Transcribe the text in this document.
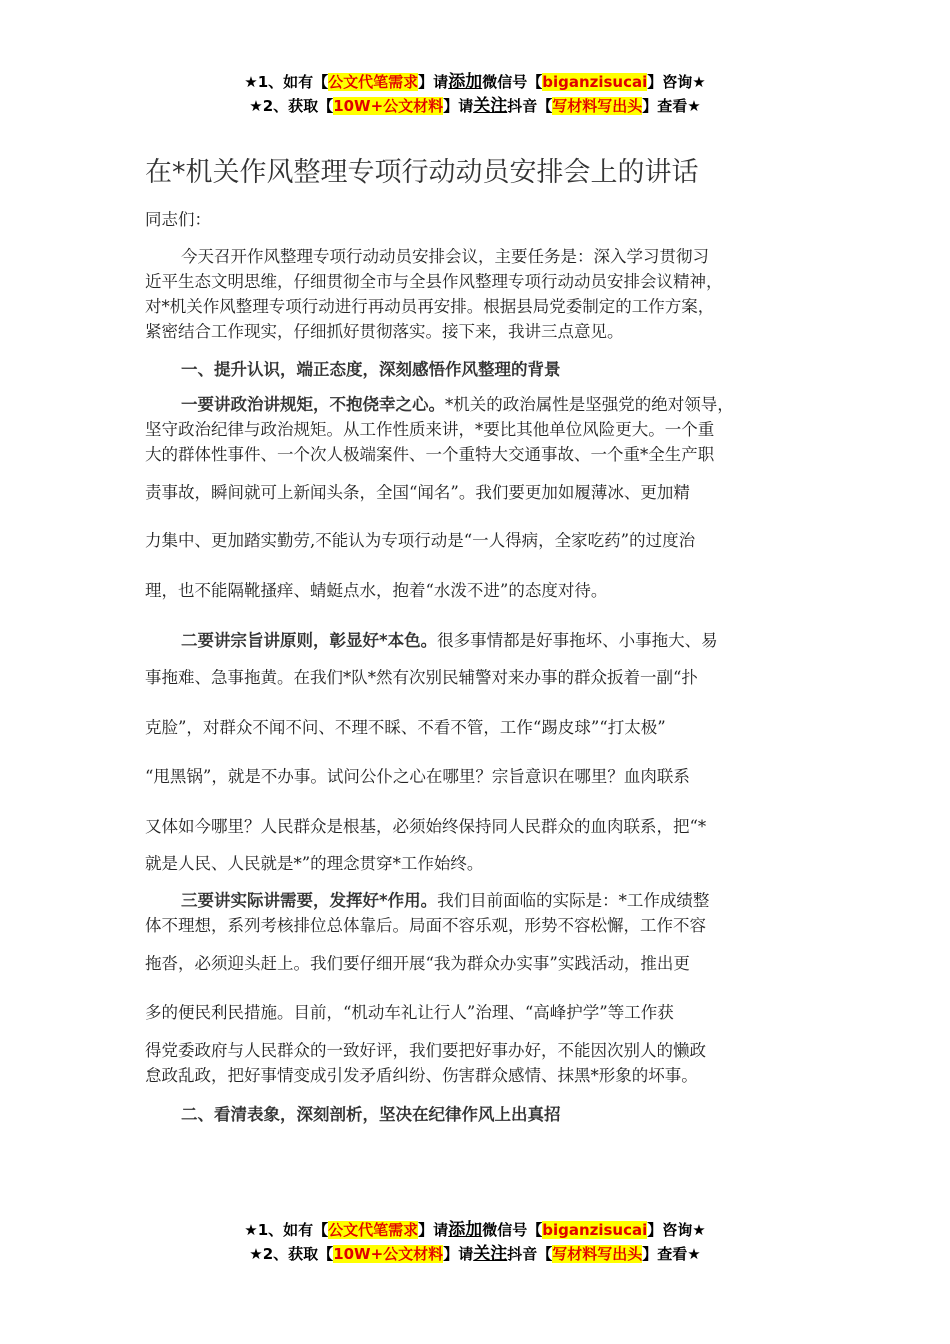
★1、如有【公文代笔需求】请添加微信号【biganzisucai】咨询★
★2、获取【10W+公文材料】请关注抖音【写材料写出头】查看★
在*机关作风整理专项行动动员安排会上的讲话
同志们：
今天召开作风整理专项行动动员安排会议，主要任务是：深入学习贯彻习
近平生态文明思维，仔细贯彻全市与全县作风整理专项行动动员安排会议精神，
对*机关作风整理专项行动进行再动员再安排。根据县局党委制定的工作方案，
紧密结合工作现实，仔细抓好贯彻落实。接下来，我讲三点意见。
一、提升认识，端正态度，深刻感悟作风整理的背景
一要讲政治讲规矩，不抱侥幸之心。*机关的政治属性是坚强党的绝对领导，
坚守政治纪律与政治规矩。从工作性质来讲，*要比其他单位风险更大。一个重
大的群体性事件、一个次人极端案件、一个重特大交通事故、一个重*全生产职
责事故，瞬间就可上新闻头条，全国“闻名”。我们要更加如履薄冰、更加精
力集中、更加踏实勤劳,不能认为专项行动是“一人得病，全家吃药”的过度治
理，也不能隔靴搔痒、蜻蜓点水，抱着“水泼不进”的态度对待。
二要讲宗旨讲原则，彰显好*本色。很多事情都是好事拖坏、小事拖大、易
事拖难、急事拖黄。在我们*队*然有次别民辅警对来办事的群众扳着一副“扑
克脸”，对群众不闻不问、不理不睬、不看不管，工作“踢皮球”“打太极”
“甩黑锅”，就是不办事。试问公仆之心在哪里？宗旨意识在哪里？血肉联系
又体如今哪里？人民群众是根基，必须始终保持同人民群众的血肉联系，把“*
就是人民、人民就是*”的理念贯穿*工作始终。
三要讲实际讲需要，发挥好*作用。我们目前面临的实际是：*工作成绩整
体不理想，系列考核排位总体靠后。局面不容乐观，形势不容松懈，工作不容
拖沓，必须迎头赶上。我们要仔细开展“我为群众办实事”实践活动，推出更
多的便民利民措施。目前，“机动车礼让行人”治理、“高峰护学”等工作获
得党委政府与人民群众的一致好评，我们要把好事办好，不能因次别人的懒政
怠政乱政，把好事情变成引发矛盾纠纷、伤害群众感情、抹黑*形象的坏事。
二、看清表象，深刻剖析，坚决在纪律作风上出真招
★1、如有【公文代笔需求】请添加微信号【biganzisucai】咨询★
★2、获取【10W+公文材料】请关注抖音【写材料写出头】查看★
